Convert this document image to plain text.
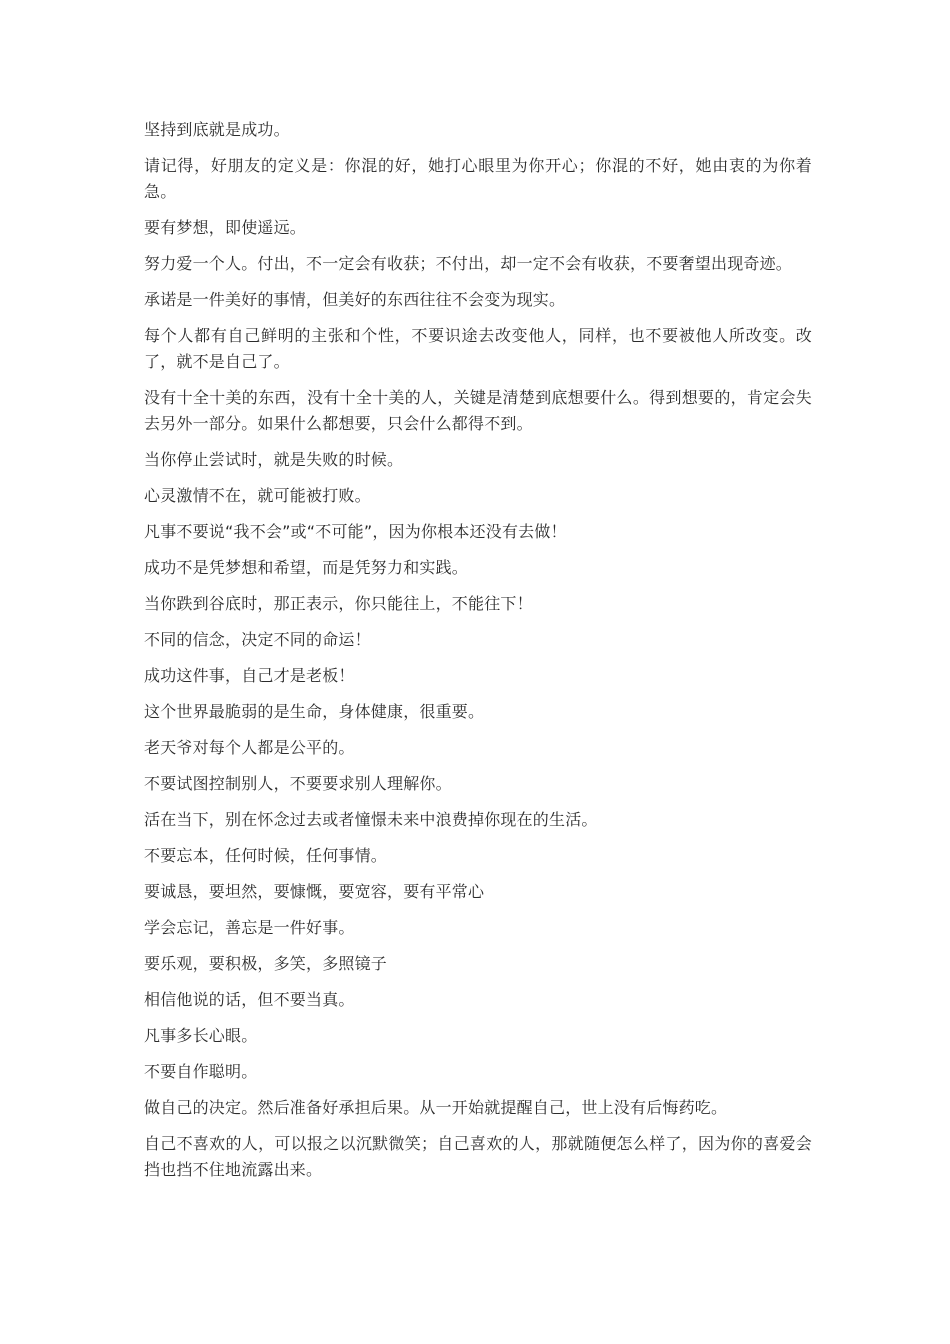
坚持到底就是成功。

请记得，好朋友的定义是：你混的好，她打心眼里为你开心；你混的不好，她由衷的为你着急。

要有梦想，即使遥远。

努力爱一个人。付出，不一定会有收获；不付出，却一定不会有收获，不要奢望出现奇迹。

承诺是一件美好的事情，但美好的东西往往不会变为现实。

每个人都有自己鲜明的主张和个性，不要识途去改变他人，同样，也不要被他人所改变。改了，就不是自己了。

没有十全十美的东西，没有十全十美的人，关键是清楚到底想要什么。得到想要的，肯定会失去另外一部分。如果什么都想要，只会什么都得不到。

当你停止尝试时，就是失败的时候。

心灵激情不在，就可能被打败。

凡事不要说“我不会”或“不可能”，因为你根本还没有去做！

成功不是凭梦想和希望，而是凭努力和实践。

当你跌到谷底时，那正表示，你只能往上，不能往下！

不同的信念，决定不同的命运！

成功这件事，自己才是老板！

这个世界最脆弱的是生命，身体健康，很重要。

老天爷对每个人都是公平的。

不要试图控制别人，不要要求别人理解你。

活在当下，别在怀念过去或者憧憬未来中浪费掉你现在的生活。

不要忘本，任何时候，任何事情。

要诚恳，要坦然，要慷慨，要宽容，要有平常心

学会忘记，善忘是一件好事。

要乐观，要积极，多笑，多照镜子

相信他说的话，但不要当真。

凡事多长心眼。

不要自作聪明。

做自己的决定。然后准备好承担后果。从一开始就提醒自己，世上没有后悔药吃。

自己不喜欢的人，可以报之以沉默微笑；自己喜欢的人，那就随便怎么样了，因为你的喜爱会挡也挡不住地流露出来。
